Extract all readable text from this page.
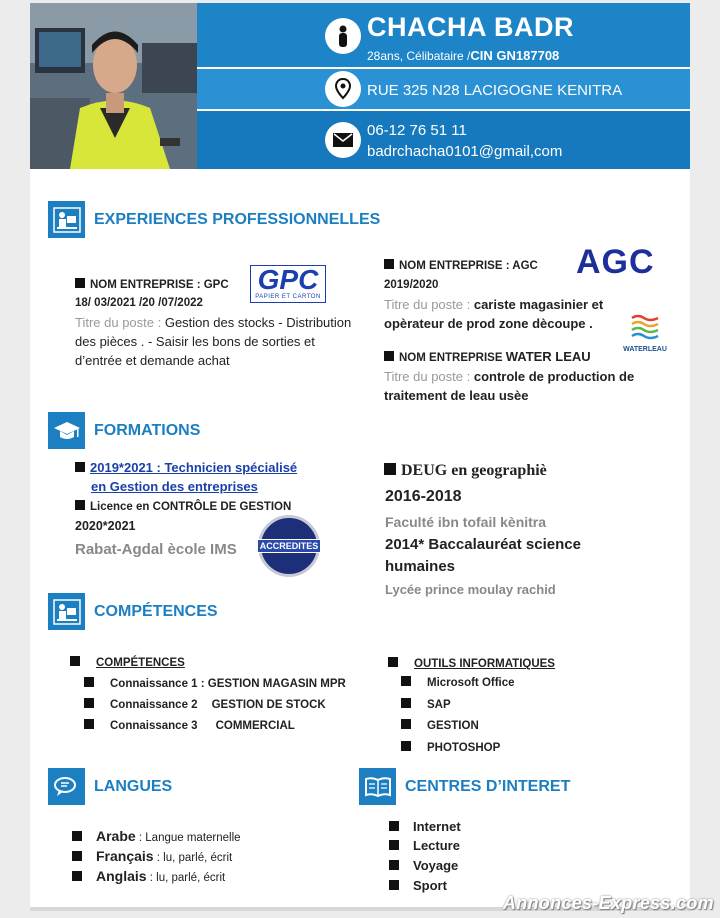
CHACHA BADR
28ans, Célibataire /CIN GN187708
RUE 325 N28 LACIGOGNE KENITRA
06-12 76 51 11
badrchacha0101@gmail,com
EXPERIENCES PROFESSIONNELLES
NOM ENTREPRISE : GPC
18/ 03/2021 /20 /07/2022
Titre du poste : Gestion des stocks - Distribution des pièces . - Saisir les bons de sorties et d’entrée et demande achat
GPC
PAPIER ET CARTON
NOM ENTREPRISE : AGC
2019/2020
Titre du poste : cariste magasinier et opèrateur de prod zone dècoupe .
AGC
NOM ENTREPRISE WATER LEAU
Titre du poste : controle de production de traitement de leau usèe
WATERLEAU
FORMATIONS
2019*2021 : Technicien spécialisé
en Gestion des entreprises
Licence en CONTRÔLE DE GESTION
2020*2021
Rabat-Agdal ècole IMS	ACCREDITES
DEUG en geographiè
2016-2018
Faculté ibn tofail kènitra
2014* Baccalauréat science humaines
Lycée prince moulay rachid
COMPÉTENCES
COMPÉTENCES
Connaissance 1 : GESTION MAGASIN MPR
Connaissance 2 GESTION DE STOCK
Connaissance 3 COMMERCIAL
OUTILS INFORMATIQUES
Microsoft Office
SAP
GESTION
PHOTOSHOP
LANGUES
Arabe : Langue maternelle
Français : lu, parlé, écrit
Anglais : lu, parlé, écrit
CENTRES D’INTERET
Internet
Lecture
Voyage
Sport
Annonces-Express.com
